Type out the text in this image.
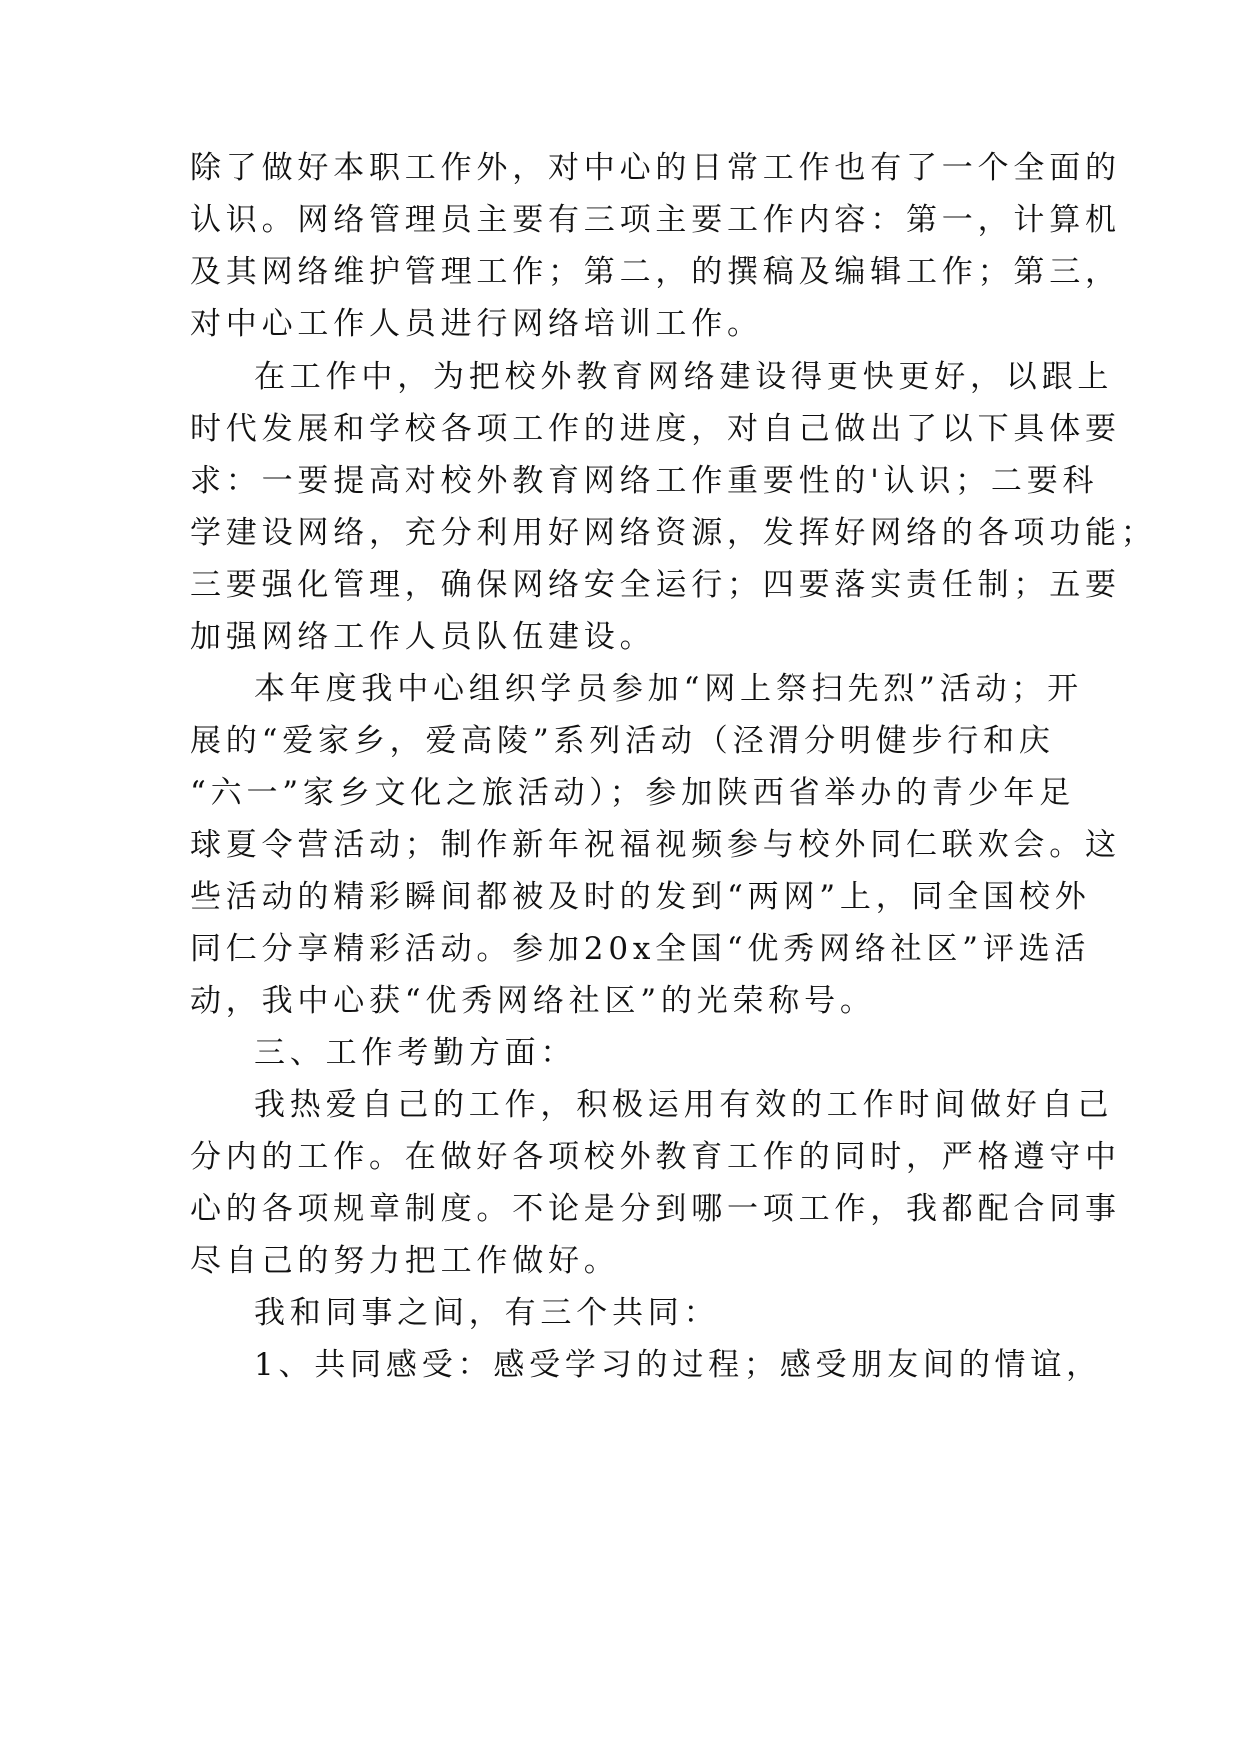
除了做好本职工作外，对中心的日常工作也有了一个全面的
认识。网络管理员主要有三项主要工作内容：第一，计算机
及其网络维护管理工作；第二，的撰稿及编辑工作；第三，
对中心工作人员进行网络培训工作。
在工作中，为把校外教育网络建设得更快更好，以跟上
时代发展和学校各项工作的进度，对自己做出了以下具体要
求：一要提高对校外教育网络工作重要性的'认识；二要科
学建设网络，充分利用好网络资源，发挥好网络的各项功能；
三要强化管理，确保网络安全运行；四要落实责任制；五要
加强网络工作人员队伍建设。
本年度我中心组织学员参加“网上祭扫先烈”活动；开
展的“爱家乡，爱高陵”系列活动（泾渭分明健步行和庆
“六一”家乡文化之旅活动）；参加陕西省举办的青少年足
球夏令营活动；制作新年祝福视频参与校外同仁联欢会。这
些活动的精彩瞬间都被及时的发到“两网”上，同全国校外
同仁分享精彩活动。参加20x全国“优秀网络社区”评选活
动，我中心获“优秀网络社区”的光荣称号。
三、工作考勤方面：
我热爱自己的工作，积极运用有效的工作时间做好自己
分内的工作。在做好各项校外教育工作的同时，严格遵守中
心的各项规章制度。不论是分到哪一项工作，我都配合同事
尽自己的努力把工作做好。
我和同事之间，有三个共同：
1、共同感受：感受学习的过程；感受朋友间的情谊，
